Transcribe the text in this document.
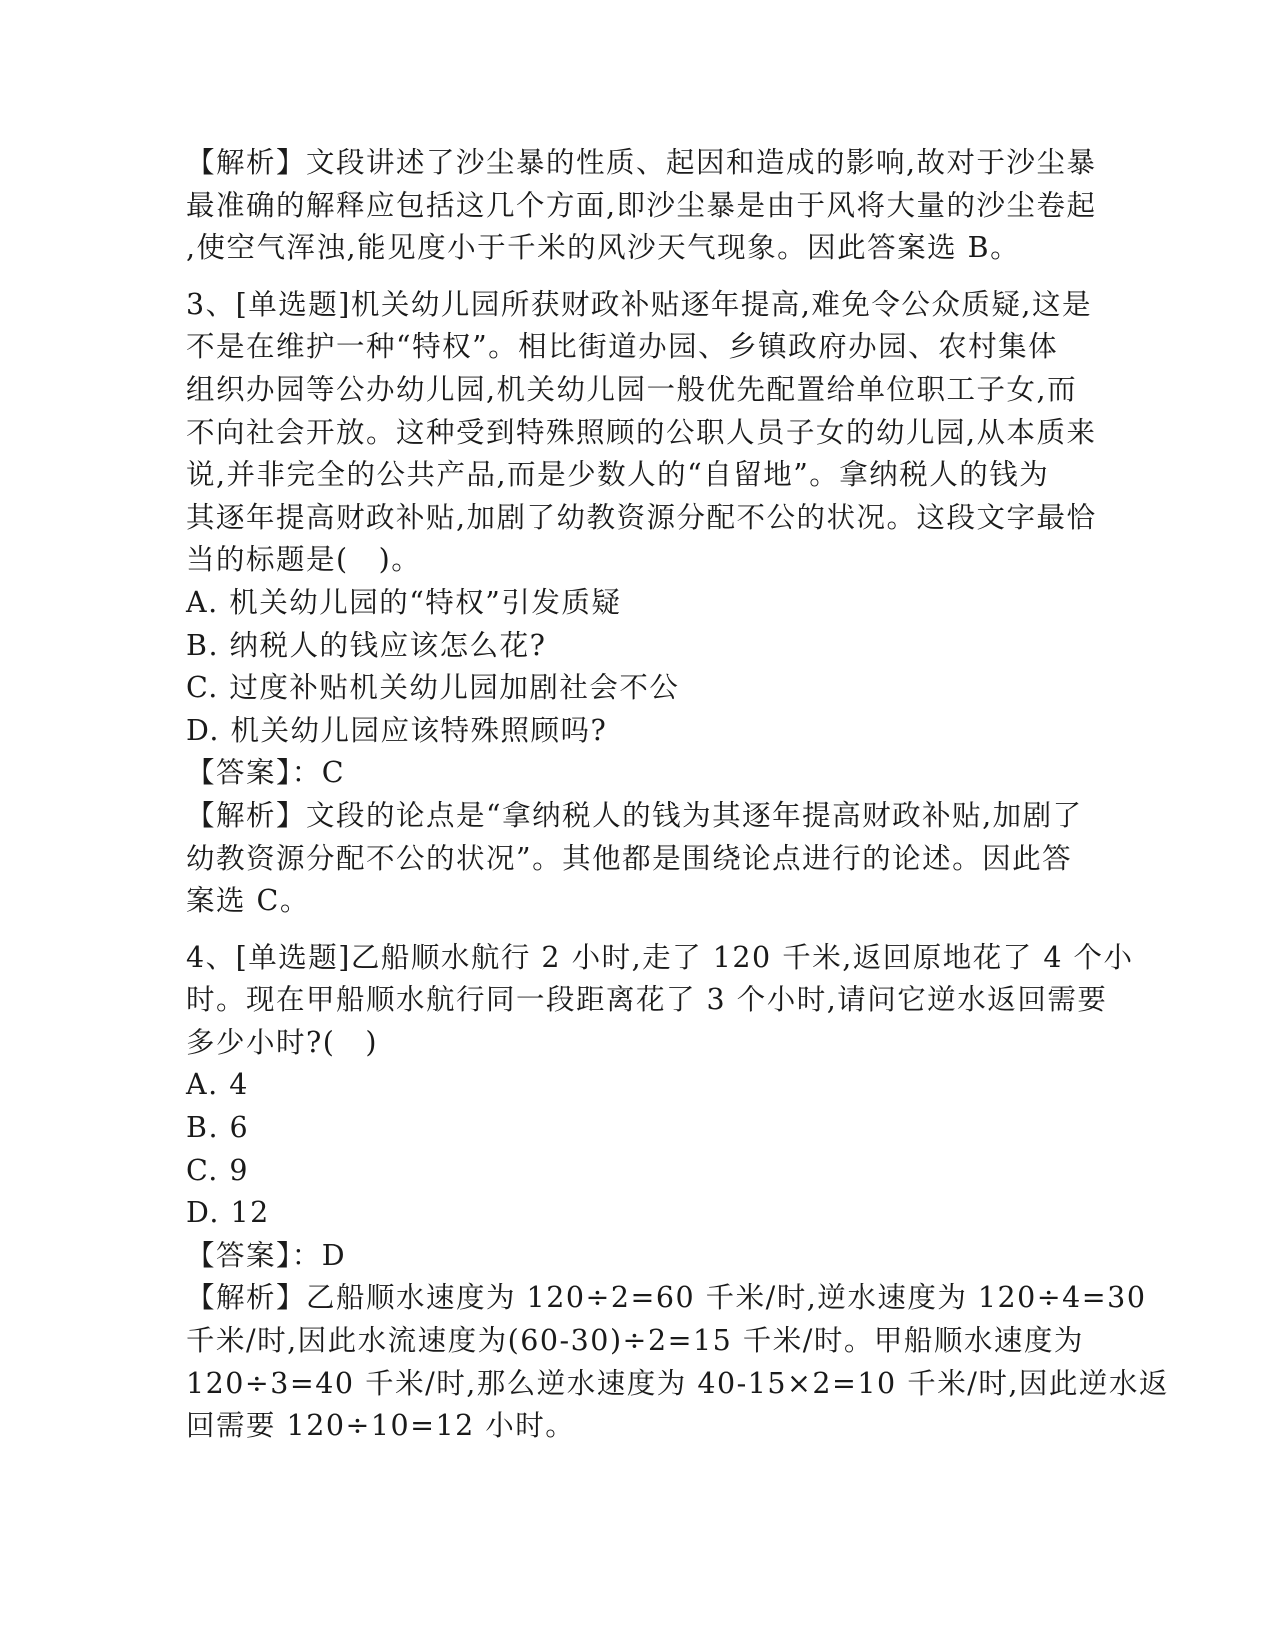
【解析】文段讲述了沙尘暴的性质、起因和造成的影响,故对于沙尘暴
最准确的解释应包括这几个方面,即沙尘暴是由于风将大量的沙尘卷起
,使空气浑浊,能见度小于千米的风沙天气现象。因此答案选 B。
3、[单选题]机关幼儿园所获财政补贴逐年提高,难免令公众质疑,这是
不是在维护一种“特权”。相比街道办园、乡镇政府办园、农村集体
组织办园等公办幼儿园,机关幼儿园一般优先配置给单位职工子女,而
不向社会开放。这种受到特殊照顾的公职人员子女的幼儿园,从本质来
说,并非完全的公共产品,而是少数人的“自留地”。拿纳税人的钱为
其逐年提高财政补贴,加剧了幼教资源分配不公的状况。这段文字最恰
当的标题是(　)。
A. 机关幼儿园的“特权”引发质疑
B. 纳税人的钱应该怎么花?
C. 过度补贴机关幼儿园加剧社会不公
D. 机关幼儿园应该特殊照顾吗?
【答案】：C
【解析】文段的论点是“拿纳税人的钱为其逐年提高财政补贴,加剧了
幼教资源分配不公的状况”。其他都是围绕论点进行的论述。因此答
案选 C。
4、[单选题]乙船顺水航行 2 小时,走了 120 千米,返回原地花了 4 个小
时。现在甲船顺水航行同一段距离花了 3 个小时,请问它逆水返回需要
多少小时?(　)
A. 4
B. 6
C. 9
D. 12
【答案】：D
【解析】乙船顺水速度为 120÷2=60 千米/时,逆水速度为 120÷4=30
千米/时,因此水流速度为(60-30)÷2=15 千米/时。甲船顺水速度为
120÷3=40 千米/时,那么逆水速度为 40-15×2=10 千米/时,因此逆水返
回需要 120÷10=12 小时。
